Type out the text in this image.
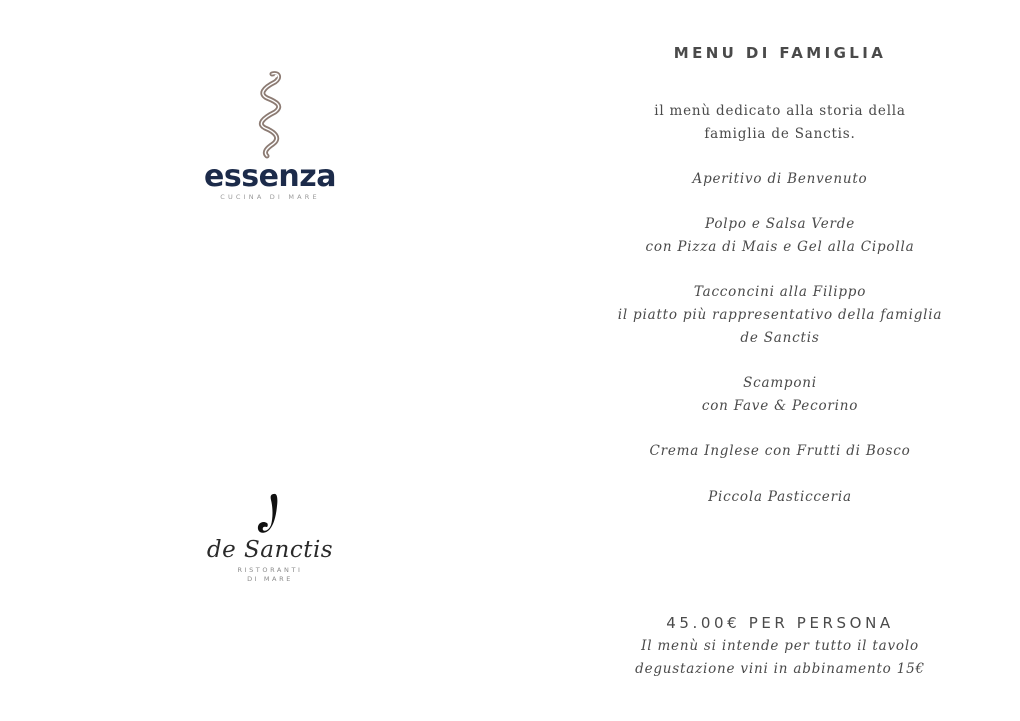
essenza
CUCINA DI MARE
de Sanctis
RISTORANTI
DI MARE
MENU DI FAMIGLIA
il menù dedicato alla storia della
famiglia de Sanctis.
Aperitivo di Benvenuto
Polpo e Salsa Verde
con Pizza di Mais e Gel alla Cipolla
Tacconcini alla Filippo
il piatto più rappresentativo della famiglia
de Sanctis
Scamponi
con Fave & Pecorino
Crema Inglese con Frutti di Bosco
Piccola Pasticceria
45.00€ PER PERSONA
Il menù si intende per tutto il tavolo
degustazione vini in abbinamento 15€
